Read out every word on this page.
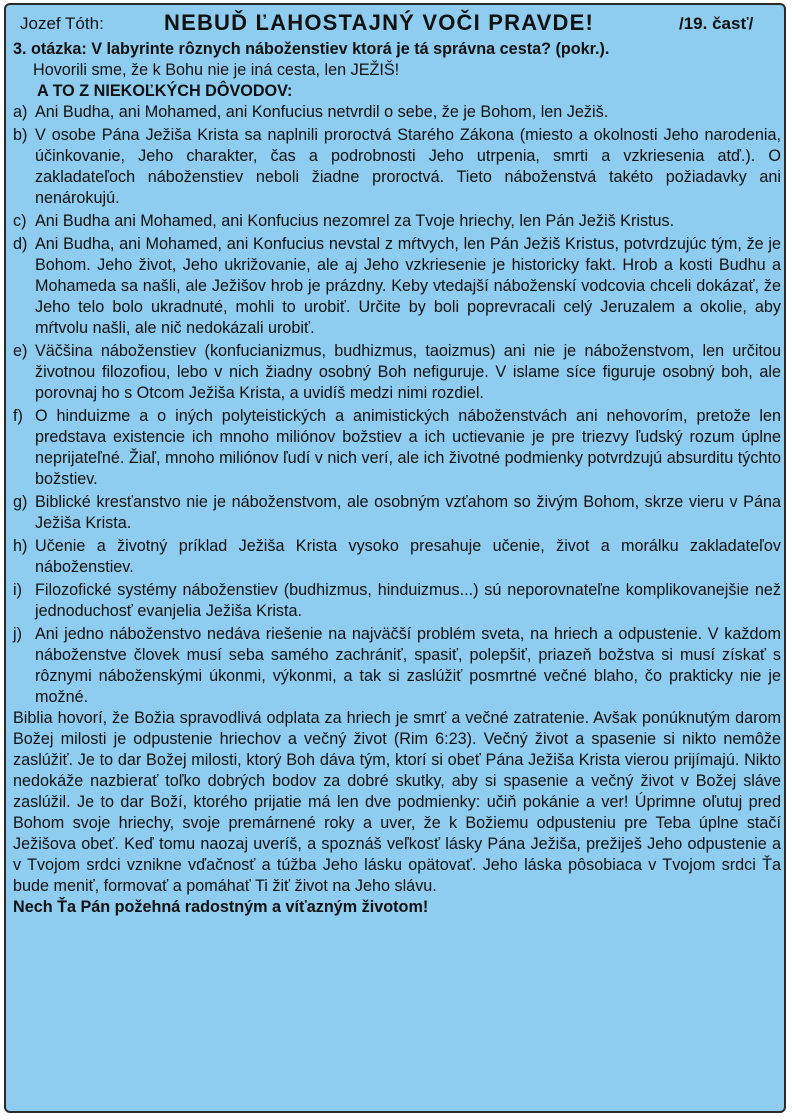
Jozef Tóth:	NEBUĎ ĽAHOSTAJNÝ VOČI PRAVDE!	/19. časť/
3. otázka: V labyrinte rôznych náboženstiev ktorá je tá správna cesta? (pokr.).
Hovorili sme, že k Bohu nie je iná cesta, len JEŽIŠ!
A TO Z NIEKOĽKÝCH DÔVODOV:
a) Ani Budha, ani Mohamed, ani Konfucius netvrdil o sebe, že je Bohom, len Ježiš.
b) V osobe Pána Ježiša Krista sa naplnili proroctvá Starého Zákona (miesto a okolnosti Jeho narodenia, účinkovanie, Jeho charakter, čas a podrobnosti Jeho utrpenia, smrti a vzkriesenia atď.). O zakladateľoch náboženstiev neboli žiadne proroctvá. Tieto náboženstvá takéto požiadavky ani nenárokujú.
c) Ani Budha ani Mohamed, ani Konfucius nezomrel za Tvoje hriechy, len Pán Ježiš Kristus.
d) Ani Budha, ani Mohamed, ani Konfucius nevstal z mŕtvych, len Pán Ježiš Kristus, potvrdzujúc tým, že je Bohom. Jeho život, Jeho ukrižovanie, ale aj Jeho vzkriesenie je historicky fakt. Hrob a kosti Budhu a Mohameda sa našli, ale Ježišov hrob je prázdny. Keby vtedajší náboženskí vodcovia chceli dokázať, že Jeho telo bolo ukradnuté, mohli to urobiť. Určite by boli poprevracali celý Jeruzalem a okolie, aby mŕtvolu našli, ale nič nedokázali urobiť.
e) Väčšina náboženstiev (konfucianizmus, budhizmus, taoizmus) ani nie je náboženstvom, len určitou životnou filozofiou, lebo v nich žiadny osobný Boh nefiguruje. V islame síce figuruje osobný boh, ale porovnaj ho s Otcom Ježiša Krista, a uvidíš medzi nimi rozdiel.
f) O hinduizme a o iných polyteistických a animistických náboženstvách ani nehovorím, pretože len predstava existencie ich mnoho miliónov božstiev a ich uctievanie je pre triezvy ľudský rozum úplne neprijateľné. Žiaľ, mnoho miliónov ľudí v nich verí, ale ich životné podmienky potvrdzujú absurditu týchto božstiev.
g) Biblické kresťanstvo nie je náboženstvom, ale osobným vzťahom so živým Bohom, skrze vieru v Pána Ježiša Krista.
h) Učenie a životný príklad Ježiša Krista vysoko presahuje učenie, život a morálku zakladateľov náboženstiev.
i) Filozofické systémy náboženstiev (budhizmus, hinduizmus...) sú neporovnateľne komplikovanejšie než jednoduchosť evanjelia Ježiša Krista.
j) Ani jedno náboženstvo nedáva riešenie na najväčší problém sveta, na hriech a odpustenie. V každom náboženstve človek musí seba samého zachrániť, spasiť, polepšiť, priazeň božstva si musí získať s rôznymi náboženskými úkonmi, výkonmi, a tak si zaslúžiť posmrtné večné blaho, čo prakticky nie je možné.
Biblia hovorí, že Božia spravodlivá odplata za hriech je smrť a večné zatratenie. Avšak ponúknutým darom Božej milosti je odpustenie hriechov a večný život (Rim 6:23). Večný život a spasenie si nikto nemôže zaslúžiť. Je to dar Božej milosti, ktorý Boh dáva tým, ktorí si obeť Pána Ježiša Krista vierou prijímajú. Nikto nedokáže nazbierať toľko dobrých bodov za dobré skutky, aby si spasenie a večný život v Božej sláve zaslúžil. Je to dar Boží, ktorého prijatie má len dve podmienky: učiň pokánie a ver! Úprimne oľutuj pred Bohom svoje hriechy, svoje premárnené roky a uver, že k Božiemu odpusteniu pre Teba úplne stačí Ježišova obeť. Keď tomu naozaj uveríš, a spoznáš veľkosť lásky Pána Ježiša, prežiješ Jeho odpustenie a v Tvojom srdci vznikne vďačnosť a túžba Jeho lásku opätovať. Jeho láska pôsobiaca v Tvojom srdci Ťa bude meniť, formovať a pomáhať Ti žiť život na Jeho slávu.
Nech Ťa Pán požehná radostným a víťazným životom!
